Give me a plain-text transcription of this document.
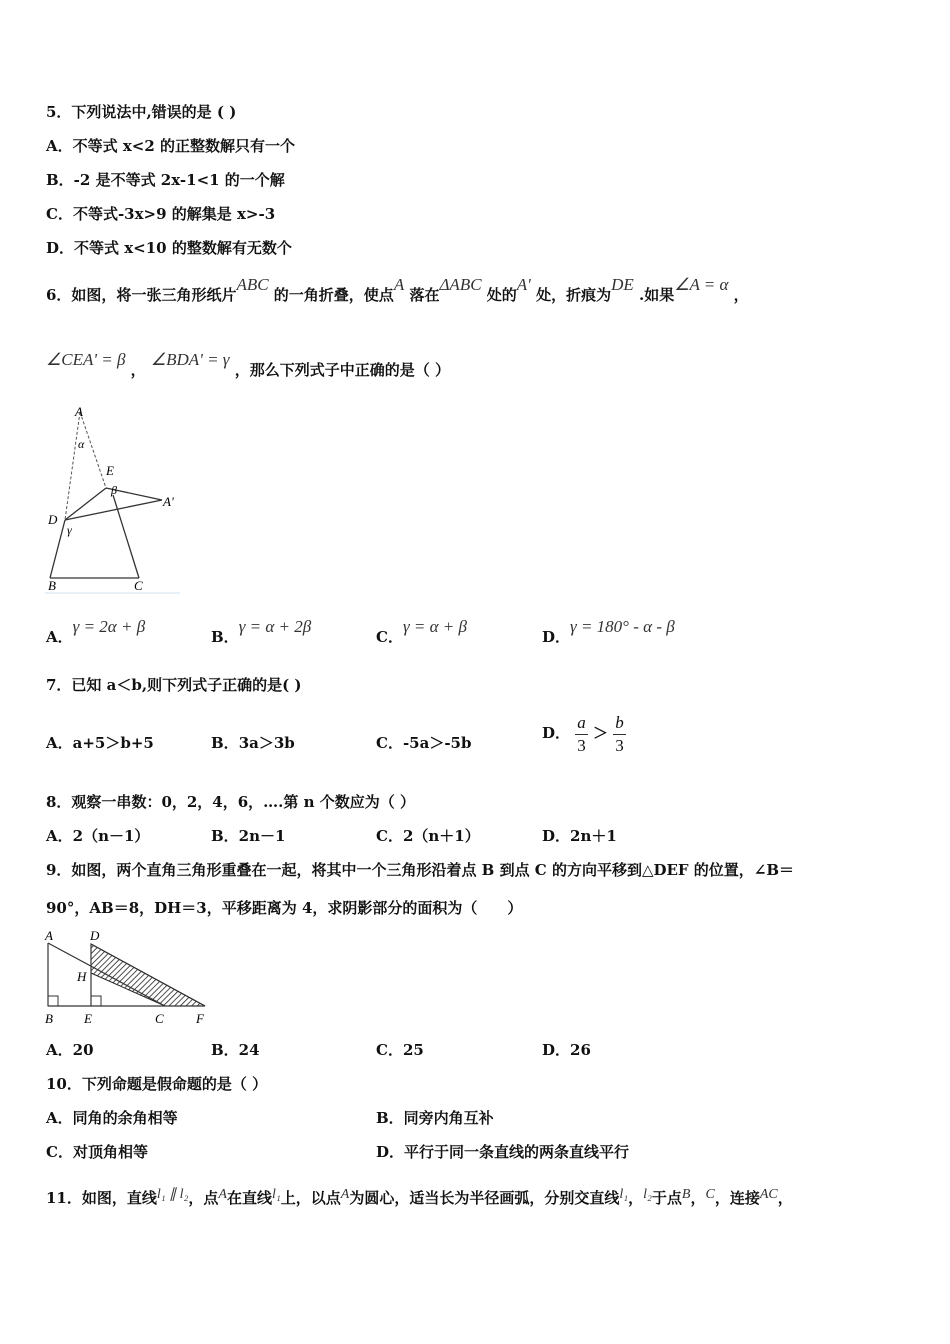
5．下列说法中,错误的是 ( )
A．不等式 x<2 的正整数解只有一个
B．-2 是不等式 2x-1<1 的一个解
C．不等式-3x>9 的解集是 x>-3
D．不等式 x<10 的整数解有无数个
6．如图，将一张三角形纸片ABC 的一角折叠，使点A 落在ΔABC 处的A' 处，折痕为DE .如果∠A = α ，
∠CEA' = β ， ∠BDA' = γ ，那么下列式子中正确的是（ ）
A
α
E
β
A'
D
γ
B	C
A．γ = 2α + β
B．γ = α + 2β
C．γ = α + β
D．γ = 180° - α - β
7．已知 a＜b,则下列式子正确的是( )
A．a+5＞b+5	B．3a＞3b	C．-5a＞-5b
D． $\frac{a}{3} > \frac{b}{3}$
8．观察一串数：0，2，4，6，….第 n 个数应为（ ）
A．2（n－1）	B．2n－1	C．2（n＋1）	D．2n＋1
9．如图，两个直角三角形重叠在一起，将其中一个三角形沿着点 B 到点 C 的方向平移到△DEF 的位置，∠B＝
90°，AB＝8，DH＝3，平移距离为 4，求阴影部分的面积为（　　）
A	D
H
B E	C F
A．20	B．24	C．25	D．26
10．下列命题是假命题的是（ ）
A．同角的余角相等	B．同旁内角互补
C．对顶角相等	D．平行于同一条直线的两条直线平行
11．如图，直线l₁ ∥ l₂，点A在直线l₁上，以点A为圆心，适当长为半径画弧，分别交直线l₁，l₂于点B，C，连接AC，
